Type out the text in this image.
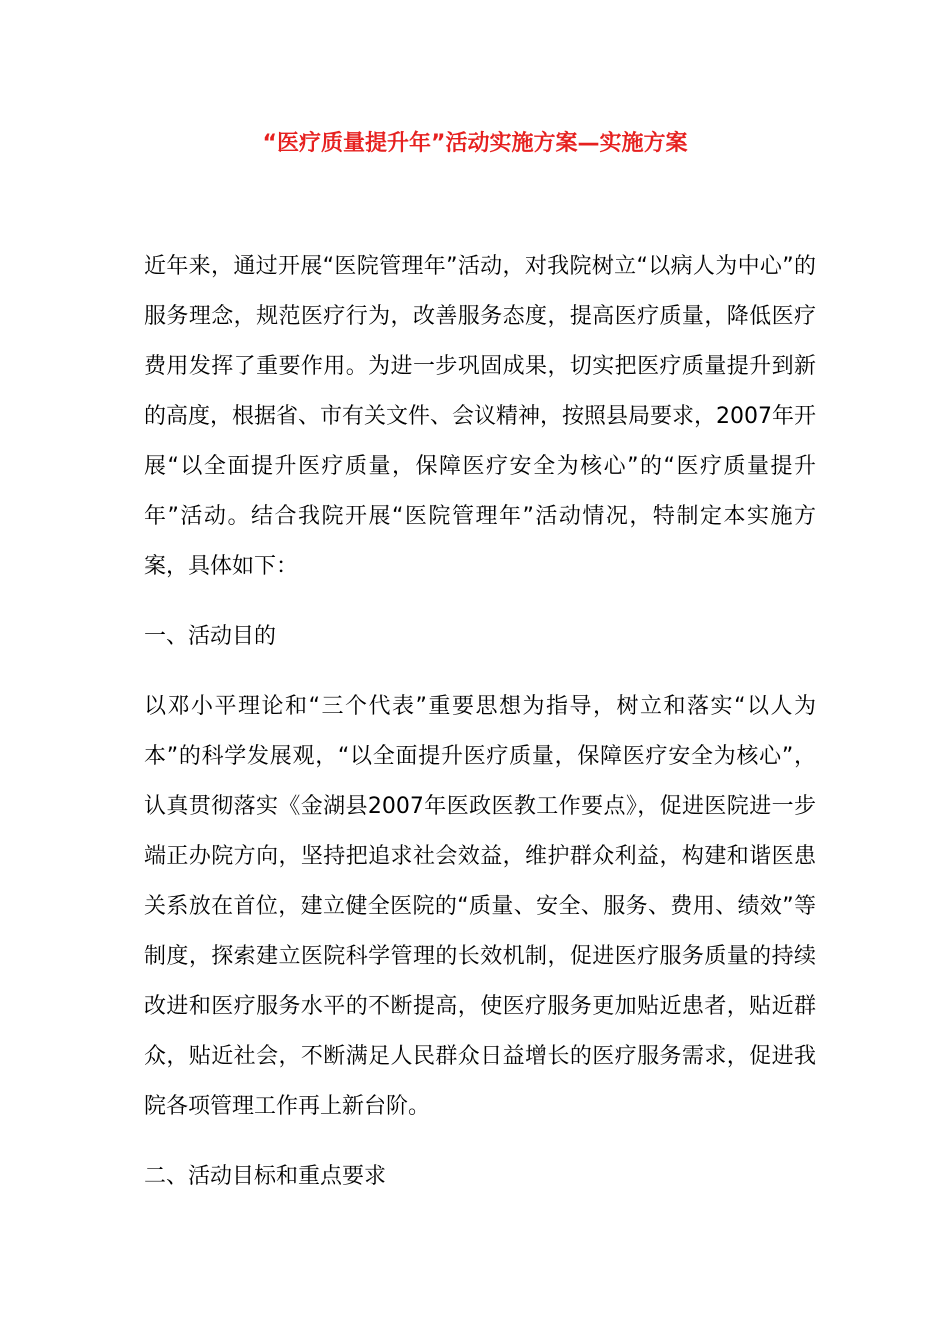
“医疗质量提升年”活动实施方案—实施方案

近年来，通过开展“医院管理年”活动，对我院树立“以病人为中心”的服务理念，规范医疗行为，改善服务态度，提高医疗质量，降低医疗费用发挥了重要作用。为进一步巩固成果，切实把医疗质量提升到新的高度，根据省、市有关文件、会议精神，按照县局要求，2007年开展“以全面提升医疗质量，保障医疗安全为核心”的“医疗质量提升年”活动。结合我院开展“医院管理年”活动情况，特制定本实施方案，具体如下：

一、活动目的

以邓小平理论和“三个代表”重要思想为指导，树立和落实“以人为本”的科学发展观，“以全面提升医疗质量，保障医疗安全为核心”，认真贯彻落实《金湖县2007年医政医教工作要点》，促进医院进一步端正办院方向，坚持把追求社会效益，维护群众利益，构建和谐医患关系放在首位，建立健全医院的“质量、安全、服务、费用、绩效”等制度，探索建立医院科学管理的长效机制，促进医疗服务质量的持续改进和医疗服务水平的不断提高，使医疗服务更加贴近患者，贴近群众，贴近社会，不断满足人民群众日益增长的医疗服务需求，促进我院各项管理工作再上新台阶。

二、活动目标和重点要求
